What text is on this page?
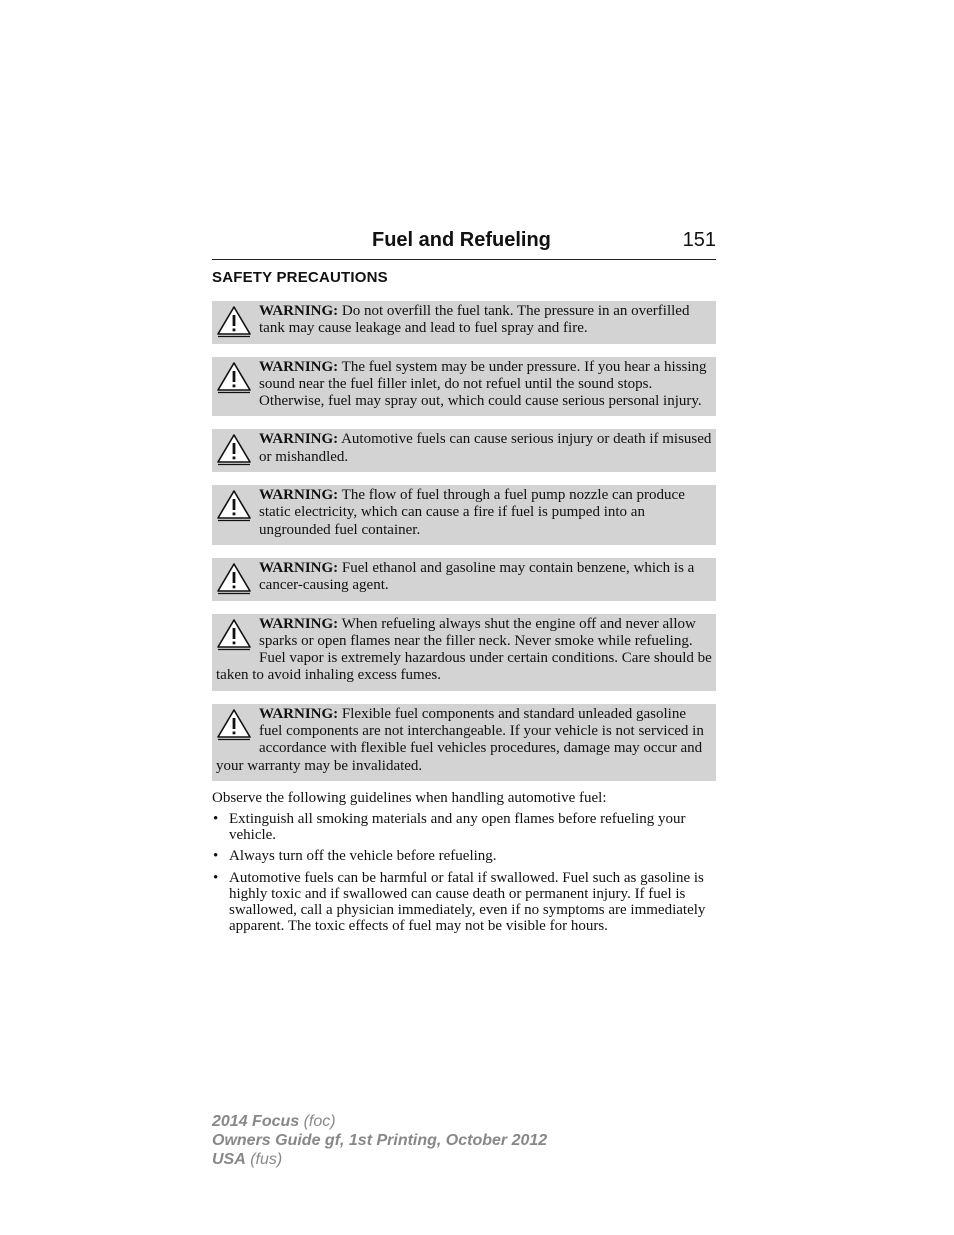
Fuel and Refueling	151
SAFETY PRECAUTIONS
WARNING: Do not overfill the fuel tank. The pressure in an overfilled tank may cause leakage and lead to fuel spray and fire.
WARNING: The fuel system may be under pressure. If you hear a hissing sound near the fuel filler inlet, do not refuel until the sound stops. Otherwise, fuel may spray out, which could cause serious personal injury.
WARNING: Automotive fuels can cause serious injury or death if misused or mishandled.
WARNING: The flow of fuel through a fuel pump nozzle can produce static electricity, which can cause a fire if fuel is pumped into an ungrounded fuel container.
WARNING: Fuel ethanol and gasoline may contain benzene, which is a cancer-causing agent.
WARNING: When refueling always shut the engine off and never allow sparks or open flames near the filler neck. Never smoke while refueling. Fuel vapor is extremely hazardous under certain conditions. Care should be taken to avoid inhaling excess fumes.
WARNING: Flexible fuel components and standard unleaded gasoline fuel components are not interchangeable. If your vehicle is not serviced in accordance with flexible fuel vehicles procedures, damage may occur and your warranty may be invalidated.
Observe the following guidelines when handling automotive fuel:
• Extinguish all smoking materials and any open flames before refueling your vehicle.
• Always turn off the vehicle before refueling.
• Automotive fuels can be harmful or fatal if swallowed. Fuel such as gasoline is highly toxic and if swallowed can cause death or permanent injury. If fuel is swallowed, call a physician immediately, even if no symptoms are immediately apparent. The toxic effects of fuel may not be visible for hours.
2014 Focus (foc)
Owners Guide gf, 1st Printing, October 2012
USA (fus)
